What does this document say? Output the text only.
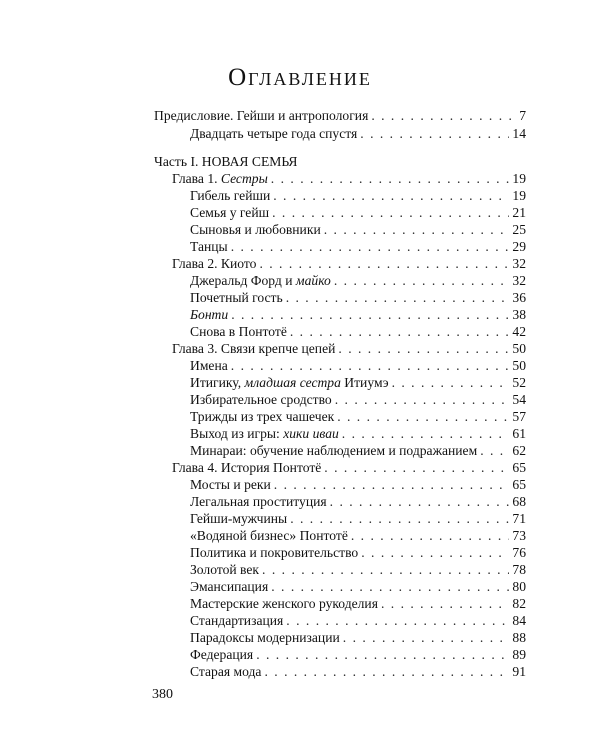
Оглавление
Предисловие. Гейши и антропология . . .	7
Двадцать четыре года спустя . . .	14
Часть I. НОВАЯ СЕМЬЯ
Глава 1. Сестры . . .	19
Гибель гейши . . .	19
Семья у гейш . . .	21
Сыновья и любовники . . .	25
Танцы . . .	29
Глава 2. Киото . . .	32
Джеральд Форд и майко . . .	32
Почетный гость . . .	36
Бонти . . .	38
Снова в Понтотё . . .	42
Глава 3. Связи крепче цепей . . .	50
Имена . . .	50
Итигику, младшая сестра Итиумэ . . .	52
Избирательное сродство . . .	54
Трижды из трех чашечек . . .	57
Выход из игры: хики иваи . . .	61
Минараи: обучение наблюдением и подражанием . . .	62
Глава 4. История Понтотё . . .	65
Мосты и реки . . .	65
Легальная проституция . . .	68
Гейши-мужчины . . .	71
«Водяной бизнес» Понтотё . . .	73
Политика и покровительство . . .	76
Золотой век . . .	78
Эмансипация . . .	80
Мастерские женского рукоделия . . .	82
Стандартизация . . .	84
Парадоксы модернизации . . .	88
Федерация . . .	89
Старая мода . . .	91
380
